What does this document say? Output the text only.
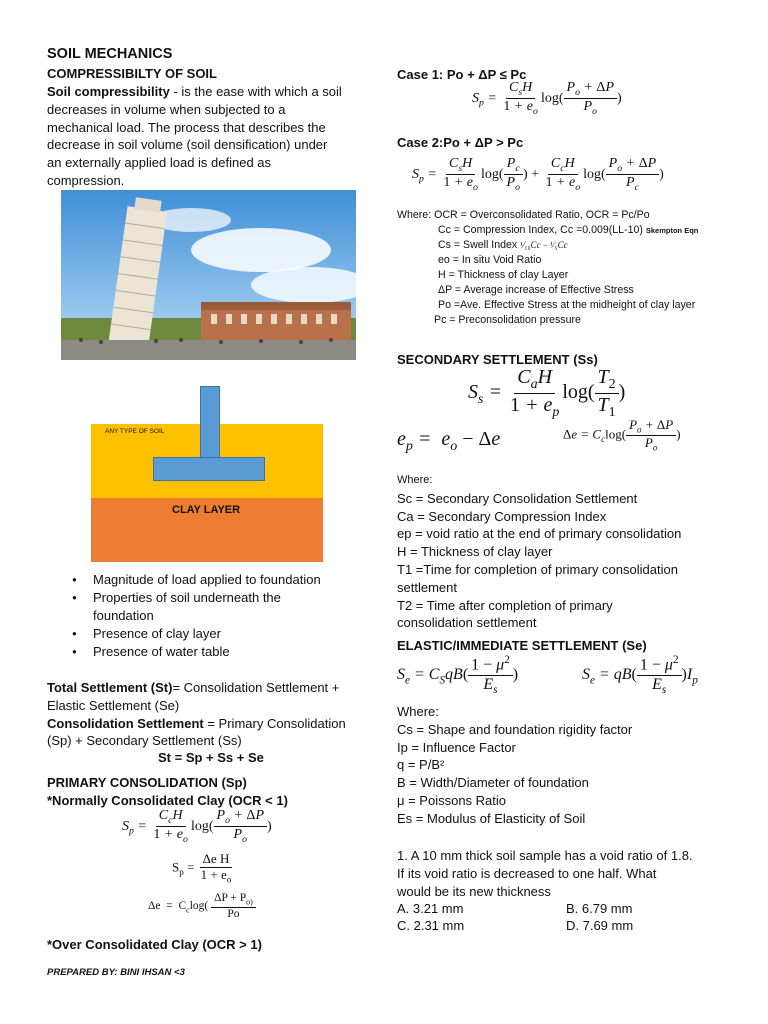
SOIL MECHANICS
COMPRESSIBILTY OF SOIL
Soil compressibility - is the ease with which a soil
decreases in volume when subjected to a
mechanical load. The process that describes the
decrease in soil volume (soil densification) under
an externally applied load is defined as
compression.
ANY TYPE OF SOIL
CLAY LAYER
● Magnitude of load applied to foundation
● Properties of soil underneath the
foundation
● Presence of clay layer
● Presence of water table
Total Settlement (St)= Consolidation Settlement +
Elastic Settlement (Se)
Consolidation Settlement = Primary Consolidation
(Sp) + Secondary Settlement (Ss)
St = Sp + Ss + Se
PRIMARY CONSOLIDATION (Sp)
*Normally Consolidated Clay (OCR < 1)
$S_p = \frac{C_cH}{1 + e_o} \log( \frac{P_o + \Delta P}{P_o}$ )
$S_p = \frac{\text{Δe H}}{1 + e_o}$
$\Delta e = C_c\log( \frac{\Delta P + P_{o)}}{Po}$
*Over Consolidated Clay (OCR > 1)
PREPARED BY: BINI IHSAN <3
Case 1: Po + ΔP ≤ Pc
$S_p = \frac{C_sH}{1 + e_o} \log( \frac{P_o + \Delta P}{P_o}$ )
Case 2:Po + ΔP > Pc
$S_p = \frac{C_sH}{1 + e_o} \log( \frac{P_c}{P_o}$ ) + $\frac{C_cH}{1 + e_o} \log( \frac{P_o + \Delta P}{P_c}$ )
Where: OCR = Overconsolidated Ratio, OCR = Pc/Po
Cc = Compression Index, Cc =0.009(LL-10) Skempton Eqn
Cs = Swell Index ¹⁄₁₀Cc − ¹⁄₅Cc
eo = In situ Void Ratio
H = Thickness of clay Layer
ΔP = Average increase of Effective Stress
Po =Ave. Effective Stress at the midheight of clay layer
Pc = Preconsolidation pressure
SECONDARY SETTLEMENT (Ss)
$S_s = \frac{C_aH}{1 + e_p} \log( \frac{T_2}{T_1}$ )
$e_p = e_o - \Delta e$	$\Delta e = C_c\log( \frac{P_o + \Delta P}{P_o}$ )
Where:
Sc = Secondary Consolidation Settlement
Ca = Secondary Compression Index
ep = void ratio at the end of primary consolidation
H = Thickness of clay layer
T1 =Time for completion of primary consolidation
settlement
T2 = Time after completion of primary
consolidation settlement
ELASTIC/IMMEDIATE SETTLEMENT (Se)
$S_e = C_SqB( \frac{1 - \mu^2}{E_s}$ )	$S_e = qB( \frac{1 - \mu^2}{E_s} )I_p$
Where:
Cs = Shape and foundation rigidity factor
Ip = Influence Factor
q = P/B²
B = Width/Diameter of foundation
μ = Poissons Ratio
Es = Modulus of Elasticity of Soil
1. A 10 mm thick soil sample has a void ratio of 1.8.
If its void ratio is decreased to one half. What
would be its new thickness
A. 3.21 mm	B. 6.79 mm
C. 2.31 mm	D. 7.69 mm
